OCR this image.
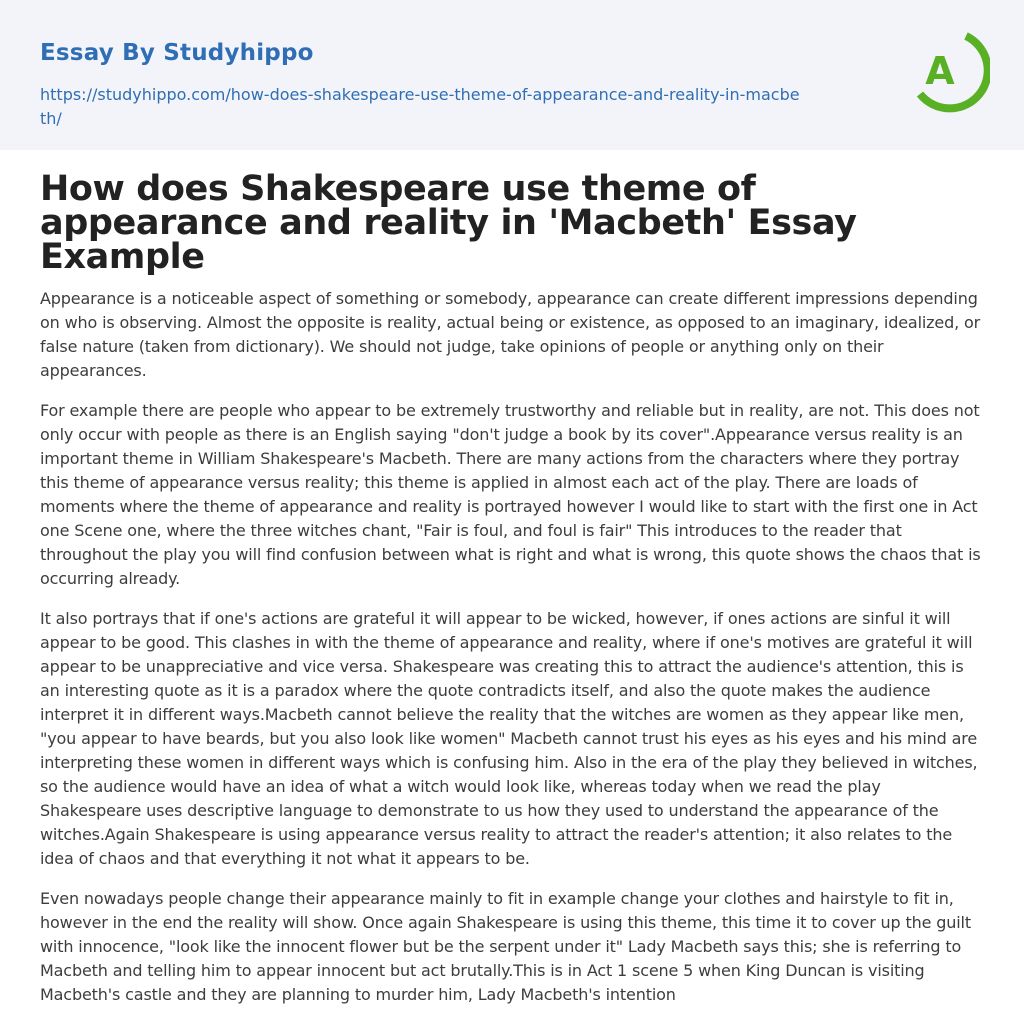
Essay By Studyhippo
https://studyhippo.com/how-does-shakespeare-use-theme-of-appearance-and-reality-in-macbeth/
A
How does Shakespeare use theme of appearance and reality in 'Macbeth' Essay Example

Appearance is a noticeable aspect of something or somebody, appearance can create different impressions depending on who is observing. Almost the opposite is reality, actual being or existence, as opposed to an imaginary, idealized, or false nature (taken from dictionary). We should not judge, take opinions of people or anything only on their appearances.

For example there are people who appear to be extremely trustworthy and reliable but in reality, are not. This does not only occur with people as there is an English saying "don't judge a book by its cover".Appearance versus reality is an important theme in William Shakespeare's Macbeth. There are many actions from the characters where they portray this theme of appearance versus reality; this theme is applied in almost each act of the play. There are loads of moments where the theme of appearance and reality is portrayed however I would like to start with the first one in Act one Scene one, where the three witches chant, "Fair is foul, and foul is fair" This introduces to the reader that throughout the play you will find confusion between what is right and what is wrong, this quote shows the chaos that is occurring already.

It also portrays that if one's actions are grateful it will appear to be wicked, however, if ones actions are sinful it will appear to be good. This clashes in with the theme of appearance and reality, where if one's motives are grateful it will appear to be unappreciative and vice versa. Shakespeare was creating this to attract the audience's attention, this is an interesting quote as it is a paradox where the quote contradicts itself, and also the quote makes the audience interpret it in different ways.Macbeth cannot believe the reality that the witches are women as they appear like men, "you appear to have beards, but you also look like women" Macbeth cannot trust his eyes as his eyes and his mind are interpreting these women in different ways which is confusing him. Also in the era of the play they believed in witches, so the audience would have an idea of what a witch would look like, whereas today when we read the play Shakespeare uses descriptive language to demonstrate to us how they used to understand the appearance of the witches.Again Shakespeare is using appearance versus reality to attract the reader's attention; it also relates to the idea of chaos and that everything it not what it appears to be.

Even nowadays people change their appearance mainly to fit in example change your clothes and hairstyle to fit in, however in the end the reality will show. Once again Shakespeare is using this theme, this time it to cover up the guilt with innocence, "look like the innocent flower but be the serpent under it" Lady Macbeth says this; she is referring to Macbeth and telling him to appear innocent but act brutally.This is in Act 1 scene 5 when King Duncan is visiting Macbeth's castle and they are planning to murder him, Lady Macbeth's intention
